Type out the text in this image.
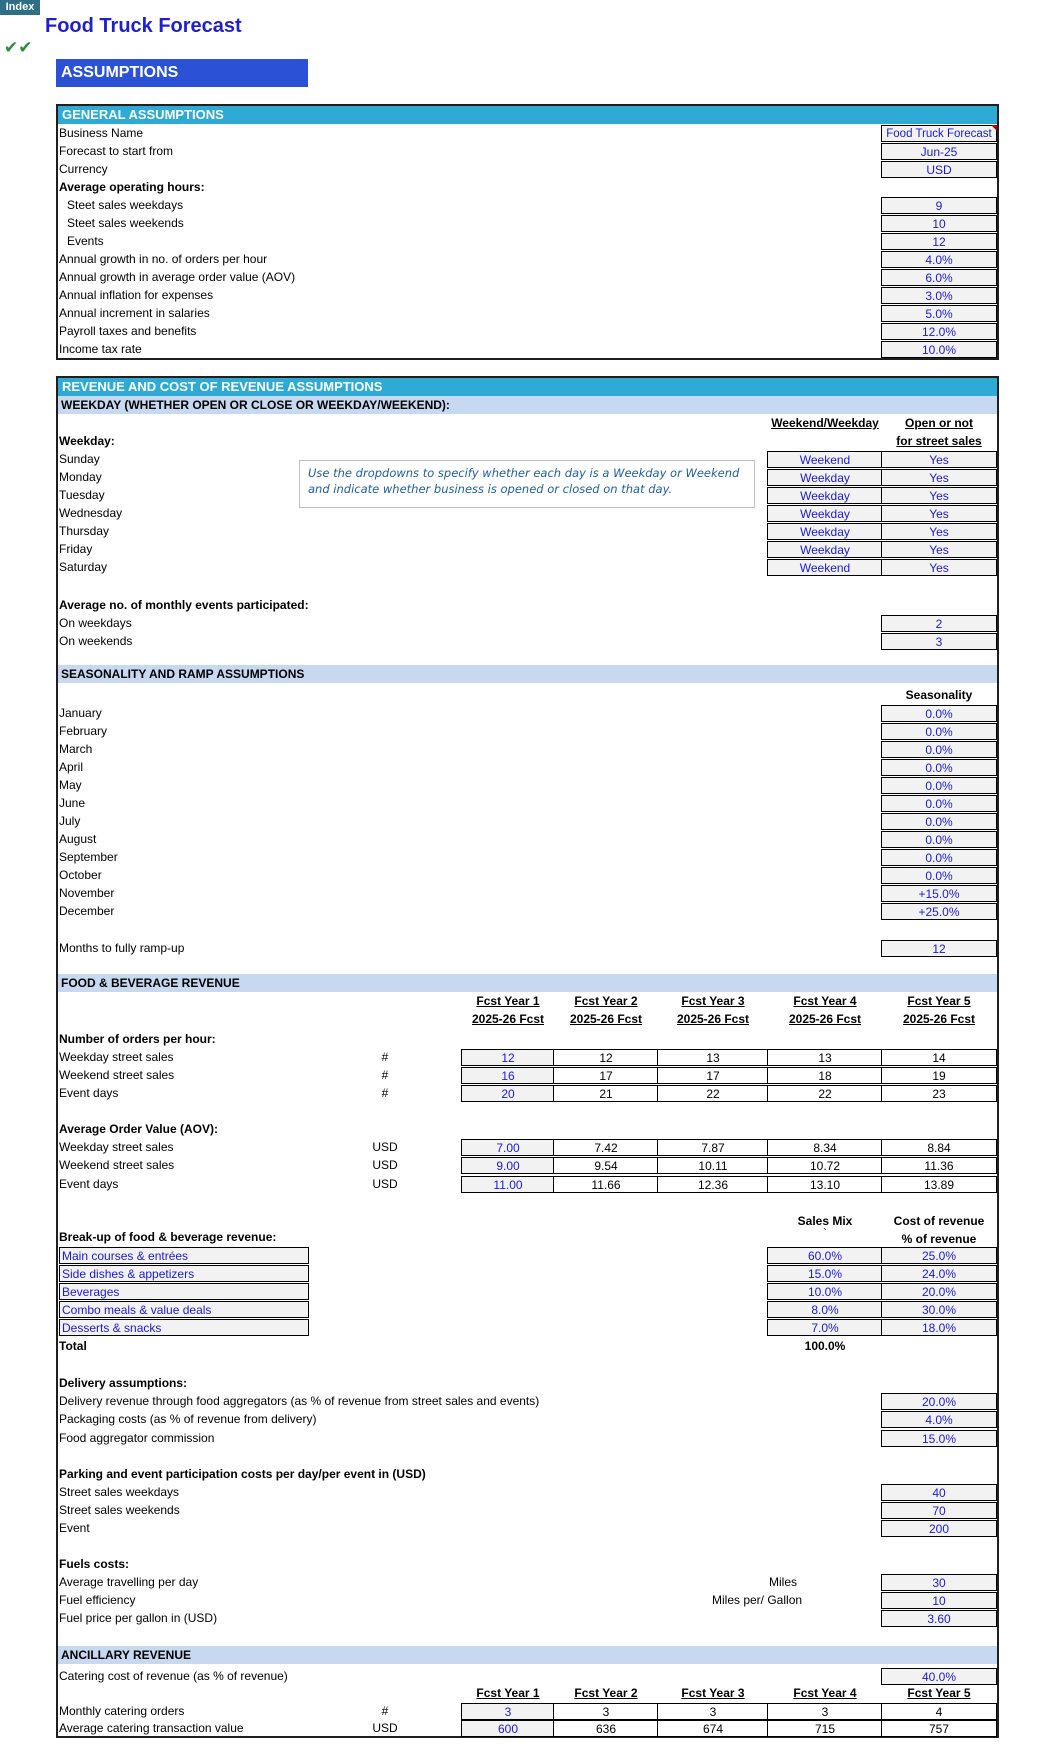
Index
Food Truck Forecast
✔✔
ASSUMPTIONS
GENERAL ASSUMPTIONS
Business Name	Food Truck Forecast
Forecast to start from	Jun-25
Currency	USD
Average operating hours:
Steet sales weekdays	9
Steet sales weekends	10
Events	12
Annual growth in no. of orders per hour	4.0%
Annual growth in average order value (AOV)	6.0%
Annual inflation for expenses	3.0%
Annual increment in salaries	5.0%
Payroll taxes and benefits	12.0%
Income tax rate	10.0%
REVENUE AND COST OF REVENUE ASSUMPTIONS
WEEKDAY (WHETHER OPEN OR CLOSE OR WEEKDAY/WEEKEND):
Weekend/Weekday	Open or not
for street sales
Weekday:
Use the dropdowns to specify whether each day is a Weekday or Weekend and indicate whether business is opened or closed on that day.
Sunday	Weekend	Yes
Monday	Weekday	Yes
Tuesday	Weekday	Yes
Wednesday	Weekday	Yes
Thursday	Weekday	Yes
Friday	Weekday	Yes
Saturday	Weekend	Yes
Average no. of monthly events participated:
On weekdays	2
On weekends	3
SEASONALITY AND RAMP ASSUMPTIONS
Seasonality
January	0.0%
February	0.0%
March	0.0%
April	0.0%
May	0.0%
June	0.0%
July	0.0%
August	0.0%
September	0.0%
October	0.0%
November	+15.0%
December	+25.0%
Months to fully ramp-up	12
FOOD & BEVERAGE REVENUE
Fcst Year 1	Fcst Year 2	Fcst Year 3	Fcst Year 4	Fcst Year 5
2025-26 Fcst	2025-26 Fcst	2025-26 Fcst	2025-26 Fcst	2025-26 Fcst
Number of orders per hour:
Weekday street sales	#	12	12	13	13	14
Weekend street sales	#	16	17	17	18	19
Event days	#	20	21	22	22	23
Average Order Value (AOV):
Weekday street sales	USD	7.00	7.42	7.87	8.34	8.84
Weekend street sales	USD	9.00	9.54	10.11	10.72	11.36
Event days	USD	11.00	11.66	12.36	13.10	13.89
Sales Mix
`
Cost of revenue
% of revenue
Break-up of food & beverage revenue:
Main courses & entrées	60.0%	25.0%
Side dishes & appetizers	15.0%	24.0%
Beverages	10.0%	20.0%
Combo meals & value deals	8.0%	30.0%
Desserts & snacks	7.0%	18.0%
Total	100.0%
Delivery assumptions:
Delivery revenue through food aggregators (as % of revenue from street sales and events)	20.0%
Packaging costs (as % of revenue from delivery)	4.0%
Food aggregator commission	15.0%
Parking and event participation costs per day/per event in (USD)
Street sales weekdays	40
Street sales weekends	70
Event	200
Fuels costs:
Average travelling per day	Miles	30
Fuel efficiency	Miles per/ Gallon	10
Fuel price per gallon in (USD)	3.60
ANCILLARY REVENUE
Catering cost of revenue (as % of revenue)	40.0%
Fcst Year 1	Fcst Year 2	Fcst Year 3	Fcst Year 4	Fcst Year 5
Monthly catering orders	#	3	3	3	3	4
Average catering transaction value	USD	600	636	674	715	757
